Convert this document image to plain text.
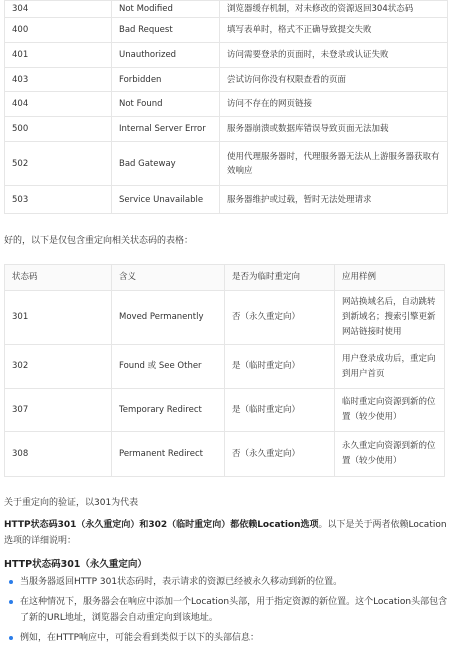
304	Not Modified	浏览器缓存机制，对未修改的资源返回304状态码
400	Bad Request	填写表单时，格式不正确导致提交失败
401	Unauthorized	访问需要登录的页面时，未登录或认证失败
403	Forbidden	尝试访问你没有权限查看的页面
404	Not Found	访问不存在的网页链接
500	Internal Server Error	服务器崩溃或数据库错误导致页面无法加载
502	Bad Gateway	使用代理服务器时，代理服务器无法从上游服务器获取有效响应
503	Service Unavailable	服务器维护或过载，暂时无法处理请求
好的，以下是仅包含重定向相关状态码的表格：
状态码	含义	是否为临时重定向	应用样例
301	Moved Permanently	否（永久重定向）	网站换域名后，自动跳转到新域名；搜索引擎更新网站链接时使用
302	Found 或 See Other	是（临时重定向）	用户登录成功后，重定向到用户首页
307	Temporary Redirect	是（临时重定向）	临时重定向资源到新的位置（较少使用）
308	Permanent Redirect	否（永久重定向）	永久重定向资源到新的位置（较少使用）
关于重定向的验证，以301为代表
HTTP状态码301（永久重定向）和302（临时重定向）都依赖Location选项。以下是关于两者依赖Location选项的详细说明：
HTTP状态码301（永久重定向）
当服务器返回HTTP 301状态码时，表示请求的资源已经被永久移动到新的位置。
在这种情况下，服务器会在响应中添加一个Location头部，用于指定资源的新位置。这个Location头部包含了新的URL地址，浏览器会自动重定向到该地址。
例如，在HTTP响应中，可能会看到类似于以下的头部信息：
